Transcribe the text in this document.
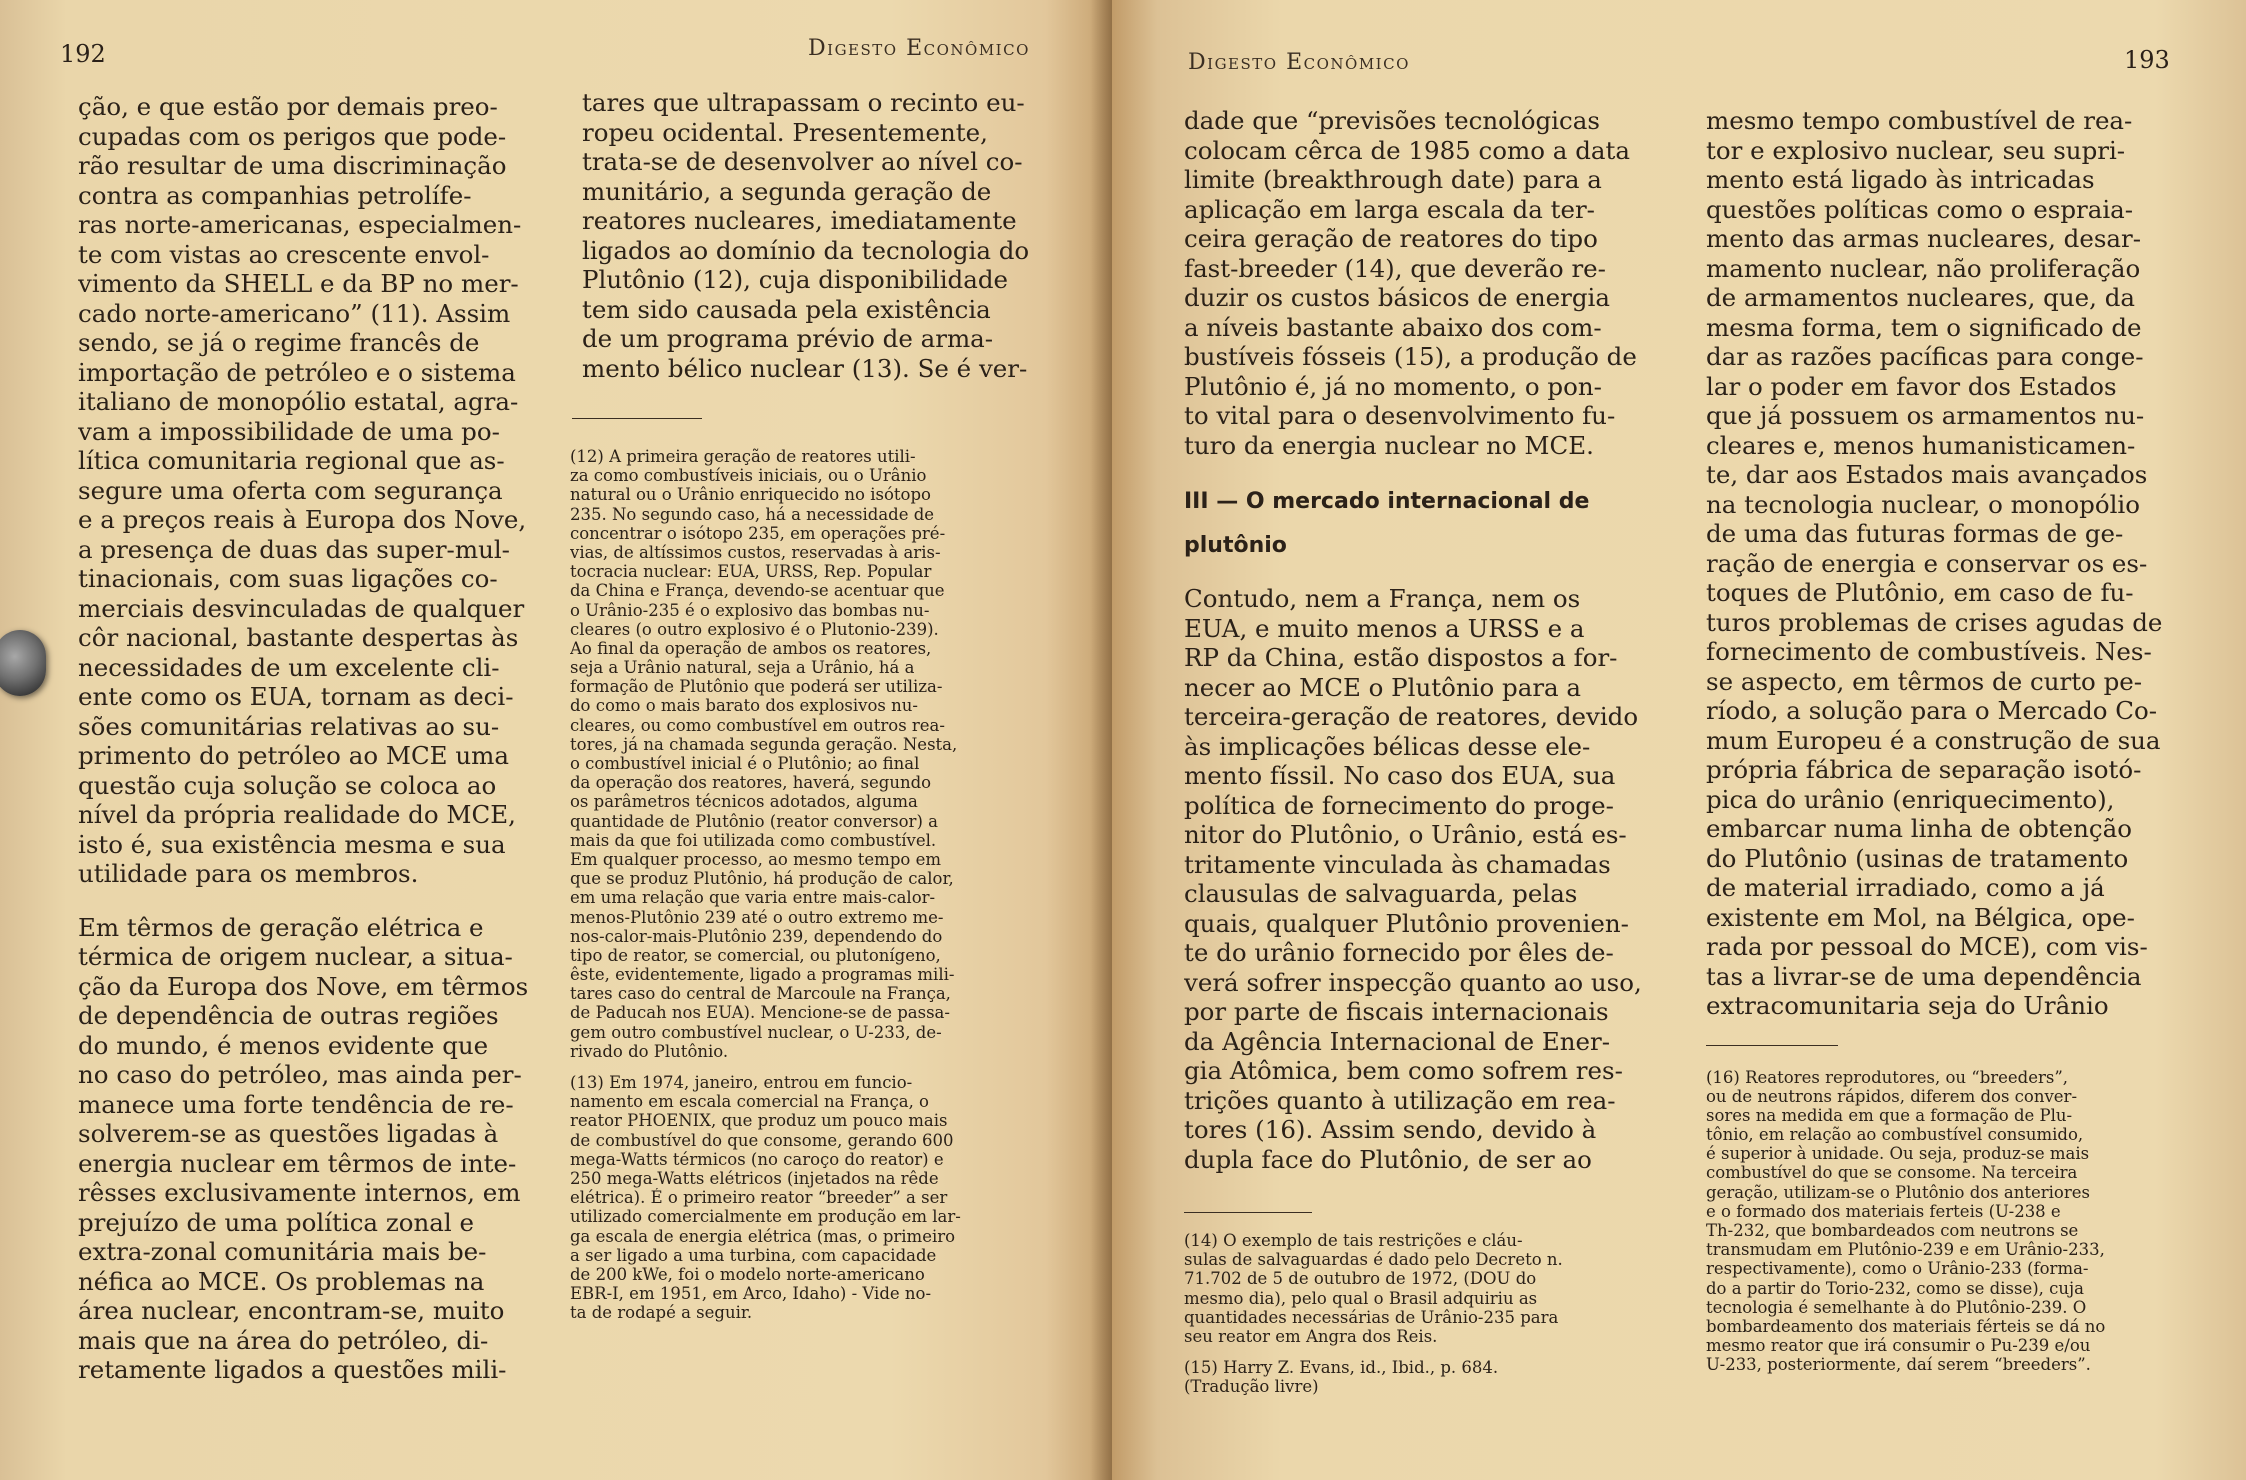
192	Digesto Econômico
ção, e que estão por demais preo-
cupadas com os perigos que pode-
rão resultar de uma discriminação
contra as companhias petrolífe-
ras norte-americanas, especialmen-
te com vistas ao crescente envol-
vimento da SHELL e da BP no mer-
cado norte-americano” (11). Assim
sendo, se já o regime francês de
importação de petróleo e o sistema
italiano de monopólio estatal, agra-
vam a impossibilidade de uma po-
lítica comunitaria regional que as-
segure uma oferta com segurança
e a preços reais à Europa dos Nove,
a presença de duas das super-mul-
tinacionais, com suas ligações co-
merciais desvinculadas de qualquer
côr nacional, bastante despertas às
necessidades de um excelente cli-
ente como os EUA, tornam as deci-
sões comunitárias relativas ao su-
primento do petróleo ao MCE uma
questão cuja solução se coloca ao
nível da própria realidade do MCE,
isto é, sua existência mesma e sua
utilidade para os membros.
Em têrmos de geração elétrica e
térmica de origem nuclear, a situa-
ção da Europa dos Nove, em têrmos
de dependência de outras regiões
do mundo, é menos evidente que
no caso do petróleo, mas ainda per-
manece uma forte tendência de re-
solverem-se as questões ligadas à
energia nuclear em têrmos de inte-
rêsses exclusivamente internos, em
prejuízo de uma política zonal e
extra-zonal comunitária mais be-
néfica ao MCE. Os problemas na
área nuclear, encontram-se, muito
mais que na área do petróleo, di-
retamente ligados a questões mili-
tares que ultrapassam o recinto eu-
ropeu ocidental. Presentemente,
trata-se de desenvolver ao nível co-
munitário, a segunda geração de
reatores nucleares, imediatamente
ligados ao domínio da tecnologia do
Plutônio (12), cuja disponibilidade
tem sido causada pela existência
de um programa prévio de arma-
mento bélico nuclear (13). Se é ver-
(12) A primeira geração de reatores utili-
za como combustíveis iniciais, ou o Urânio
natural ou o Urânio enriquecido no isótopo
235. No segundo caso, há a necessidade de
concentrar o isótopo 235, em operações pré-
vias, de altíssimos custos, reservadas à aris-
tocracia nuclear: EUA, URSS, Rep. Popular
da China e França, devendo-se acentuar que
o Urânio-235 é o explosivo das bombas nu-
cleares (o outro explosivo é o Plutonio-239).
Ao final da operação de ambos os reatores,
seja a Urânio natural, seja a Urânio, há a
formação de Plutônio que poderá ser utiliza-
do como o mais barato dos explosivos nu-
cleares, ou como combustível em outros rea-
tores, já na chamada segunda geração. Nesta,
o combustível inicial é o Plutônio; ao final
da operação dos reatores, haverá, segundo
os parâmetros técnicos adotados, alguma
quantidade de Plutônio (reator conversor) a
mais da que foi utilizada como combustível.
Em qualquer processo, ao mesmo tempo em
que se produz Plutônio, há produção de calor,
em uma relação que varia entre mais-calor-
menos-Plutônio 239 até o outro extremo me-
nos-calor-mais-Plutônio 239, dependendo do
tipo de reator, se comercial, ou plutonígeno,
êste, evidentemente, ligado a programas mili-
tares caso do central de Marcoule na França,
de Paducah nos EUA). Mencione-se de passa-
gem outro combustível nuclear, o U-233, de-
rivado do Plutônio.
(13) Em 1974, janeiro, entrou em funcio-
namento em escala comercial na França, o
reator PHOENIX, que produz um pouco mais
de combustível do que consome, gerando 600
mega-Watts térmicos (no caroço do reator) e
250 mega-Watts elétricos (injetados na rêde
elétrica). É o primeiro reator “breeder” a ser
utilizado comercialmente em produção em lar-
ga escala de energia elétrica (mas, o primeiro
a ser ligado a uma turbina, com capacidade
de 200 kWe, foi o modelo norte-americano
EBR-I, em 1951, em Arco, Idaho) - Vide no-
ta de rodapé a seguir.
Digesto Econômico	193
dade que “previsões tecnológicas
colocam cêrca de 1985 como a data
limite (breakthrough date) para a
aplicação em larga escala da ter-
ceira geração de reatores do tipo
fast-breeder (14), que deverão re-
duzir os custos básicos de energia
a níveis bastante abaixo dos com-
bustíveis fósseis (15), a produção de
Plutônio é, já no momento, o pon-
to vital para o desenvolvimento fu-
turo da energia nuclear no MCE.
III — O mercado internacional de
plutônio
Contudo, nem a França, nem os
EUA, e muito menos a URSS e a
RP da China, estão dispostos a for-
necer ao MCE o Plutônio para a
terceira-geração de reatores, devido
às implicações bélicas desse ele-
mento físsil. No caso dos EUA, sua
política de fornecimento do proge-
nitor do Plutônio, o Urânio, está es-
tritamente vinculada às chamadas
clausulas de salvaguarda, pelas
quais, qualquer Plutônio provenien-
te do urânio fornecido por êles de-
verá sofrer inspecção quanto ao uso,
por parte de fiscais internacionais
da Agência Internacional de Ener-
gia Atômica, bem como sofrem res-
trições quanto à utilização em rea-
tores (16). Assim sendo, devido à
dupla face do Plutônio, de ser ao
(14) O exemplo de tais restrições e cláu-
sulas de salvaguardas é dado pelo Decreto n.
71.702 de 5 de outubro de 1972, (DOU do
mesmo dia), pelo qual o Brasil adquiriu as
quantidades necessárias de Urânio-235 para
seu reator em Angra dos Reis.
(15) Harry Z. Evans, id., Ibid., p. 684.
(Tradução livre)
mesmo tempo combustível de rea-
tor e explosivo nuclear, seu supri-
mento está ligado às intricadas
questões políticas como o espraia-
mento das armas nucleares, desar-
mamento nuclear, não proliferação
de armamentos nucleares, que, da
mesma forma, tem o significado de
dar as razões pacíficas para conge-
lar o poder em favor dos Estados
que já possuem os armamentos nu-
cleares e, menos humanisticamen-
te, dar aos Estados mais avançados
na tecnologia nuclear, o monopólio
de uma das futuras formas de ge-
ração de energia e conservar os es-
toques de Plutônio, em caso de fu-
turos problemas de crises agudas de
fornecimento de combustíveis. Nes-
se aspecto, em têrmos de curto pe-
ríodo, a solução para o Mercado Co-
mum Europeu é a construção de sua
própria fábrica de separação isotó-
pica do urânio (enriquecimento),
embarcar numa linha de obtenção
do Plutônio (usinas de tratamento
de material irradiado, como a já
existente em Mol, na Bélgica, ope-
rada por pessoal do MCE), com vis-
tas a livrar-se de uma dependência
extracomunitaria seja do Urânio
(16) Reatores reprodutores, ou “breeders”,
ou de neutrons rápidos, diferem dos conver-
sores na medida em que a formação de Plu-
tônio, em relação ao combustível consumido,
é superior à unidade. Ou seja, produz-se mais
combustível do que se consome. Na terceira
geração, utilizam-se o Plutônio dos anteriores
e o formado dos materiais ferteis (U-238 e
Th-232, que bombardeados com neutrons se
transmudam em Plutônio-239 e em Urânio-233,
respectivamente), como o Urânio-233 (forma-
do a partir do Torio-232, como se disse), cuja
tecnologia é semelhante à do Plutônio-239. O
bombardeamento dos materiais férteis se dá no
mesmo reator que irá consumir o Pu-239 e/ou
U-233, posteriormente, daí serem “breeders”.
